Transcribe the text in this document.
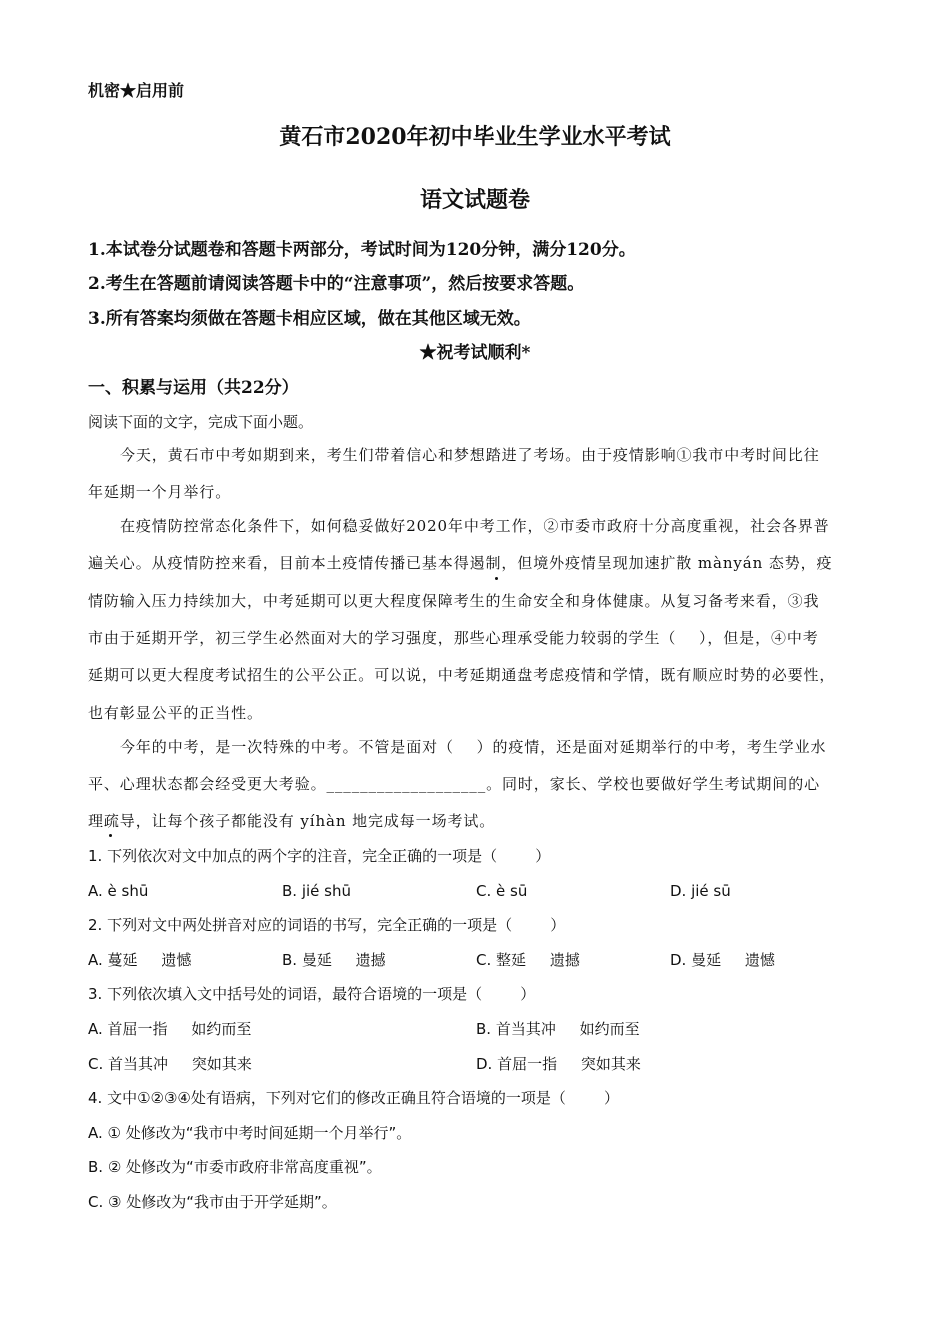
机密★启用前
黄石市2020年初中毕业生学业水平考试
语文试题卷
1.本试卷分试题卷和答题卡两部分，考试时间为120分钟，满分120分。
2.考生在答题前请阅读答题卡中的“注意事项”，然后按要求答题。
3.所有答案均须做在答题卡相应区域，做在其他区域无效。
★祝考试顺利*
一、积累与运用（共22分）
阅读下面的文字，完成下面小题。
今天，黄石市中考如期到来，考生们带着信心和梦想踏进了考场。由于疫情影响①我市中考时间比往
年延期一个月举行。
在疫情防控常态化条件下，如何稳妥做好2020年中考工作，②市委市政府十分高度重视，社会各界普
遍关心。从疫情防控来看，目前本土疫情传播已基本得遏制，但境外疫情呈现加速扩散 mànyán 态势，疫
情防输入压力持续加大，中考延期可以更大程度保障考生的生命安全和身体健康。从复习备考来看，③我
市由于延期开学，初三学生必然面对大的学习强度，那些心理承受能力较弱的学生（    ），但是，④中考
延期可以更大程度考试招生的公平公正。可以说，中考延期通盘考虑疫情和学情，既有顺应时势的必要性，
也有彰显公平的正当性。
今年的中考，是一次特殊的中考。不管是面对（    ）的疫情，还是面对延期举行的中考，考生学业水
平、心理状态都会经受更大考验。___________________。同时，家长、学校也要做好学生考试期间的心
理疏导，让每个孩子都能没有 yíhàn 地完成每一场考试。
1. 下列依次对文中加点的两个字的注音，完全正确的一项是（        ）
A. è shū	B. jié shū	C. è sū	D. jié sū
2. 下列对文中两处拼音对应的词语的书写，完全正确的一项是（        ）
A. 蔓延     遗憾	B. 曼延     遗撼	C. 整延     遗撼	D. 曼延     遗憾
3. 下列依次填入文中括号处的词语，最符合语境的一项是（        ）
A. 首屈一指     如约而至	B. 首当其冲     如约而至
C. 首当其冲     突如其来	D. 首屈一指     突如其来
4. 文中①②③④处有语病，下列对它们的修改正确且符合语境的一项是（        ）
A. ① 处修改为“我市中考时间延期一个月举行”。
B. ② 处修改为“市委市政府非常高度重视”。
C. ③ 处修改为“我市由于开学延期”。
